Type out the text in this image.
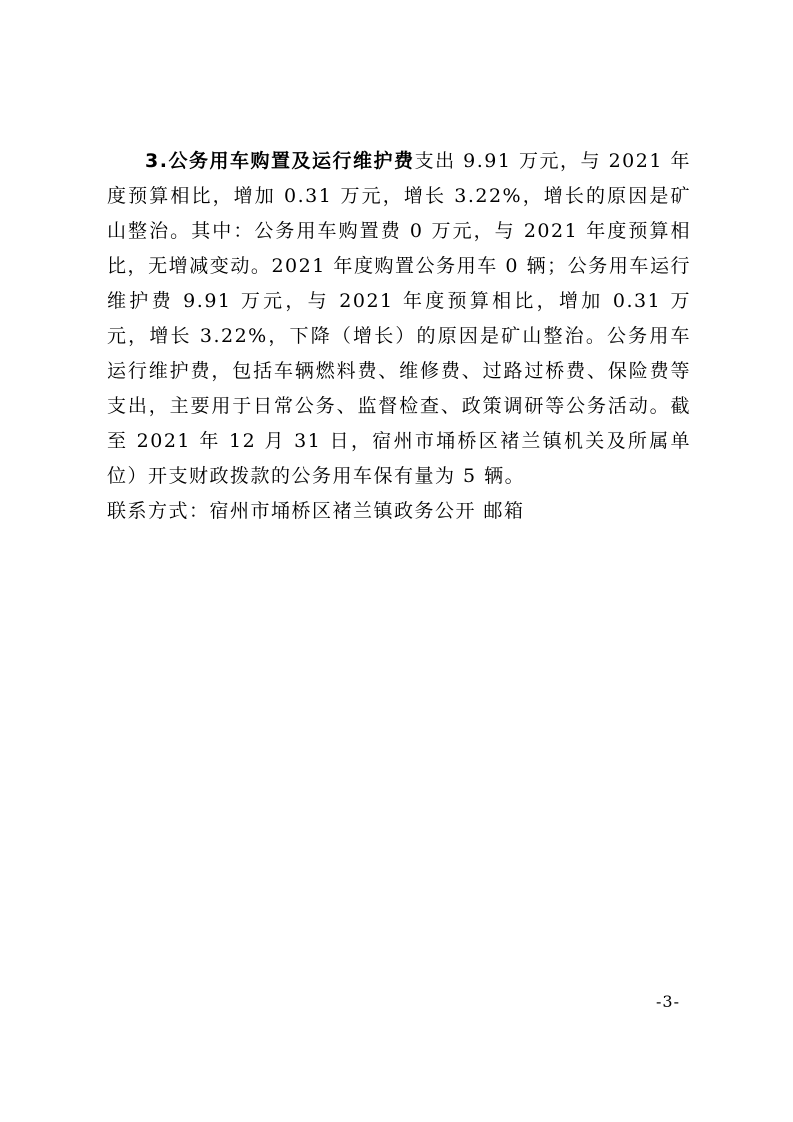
3.公务用车购置及运行维护费支出 9.91 万元，与 2021 年度预算相比，增加 0.31 万元，增长 3.22%，增长的原因是矿山整治。其中：公务用车购置费 0 万元，与 2021 年度预算相比，无增减变动。2021 年度购置公务用车 0 辆；公务用车运行维护费 9.91 万元，与 2021 年度预算相比，增加 0.31 万元，增长 3.22%，下降（增长）的原因是矿山整治。公务用车运行维护费，包括车辆燃料费、维修费、过路过桥费、保险费等支出，主要用于日常公务、监督检查、政策调研等公务活动。截至 2021 年 12 月 31 日，宿州市埇桥区褚兰镇机关及所属单位）开支财政拨款的公务用车保有量为 5 辆。

联系方式：宿州市埇桥区褚兰镇政务公开 邮箱

-3-
